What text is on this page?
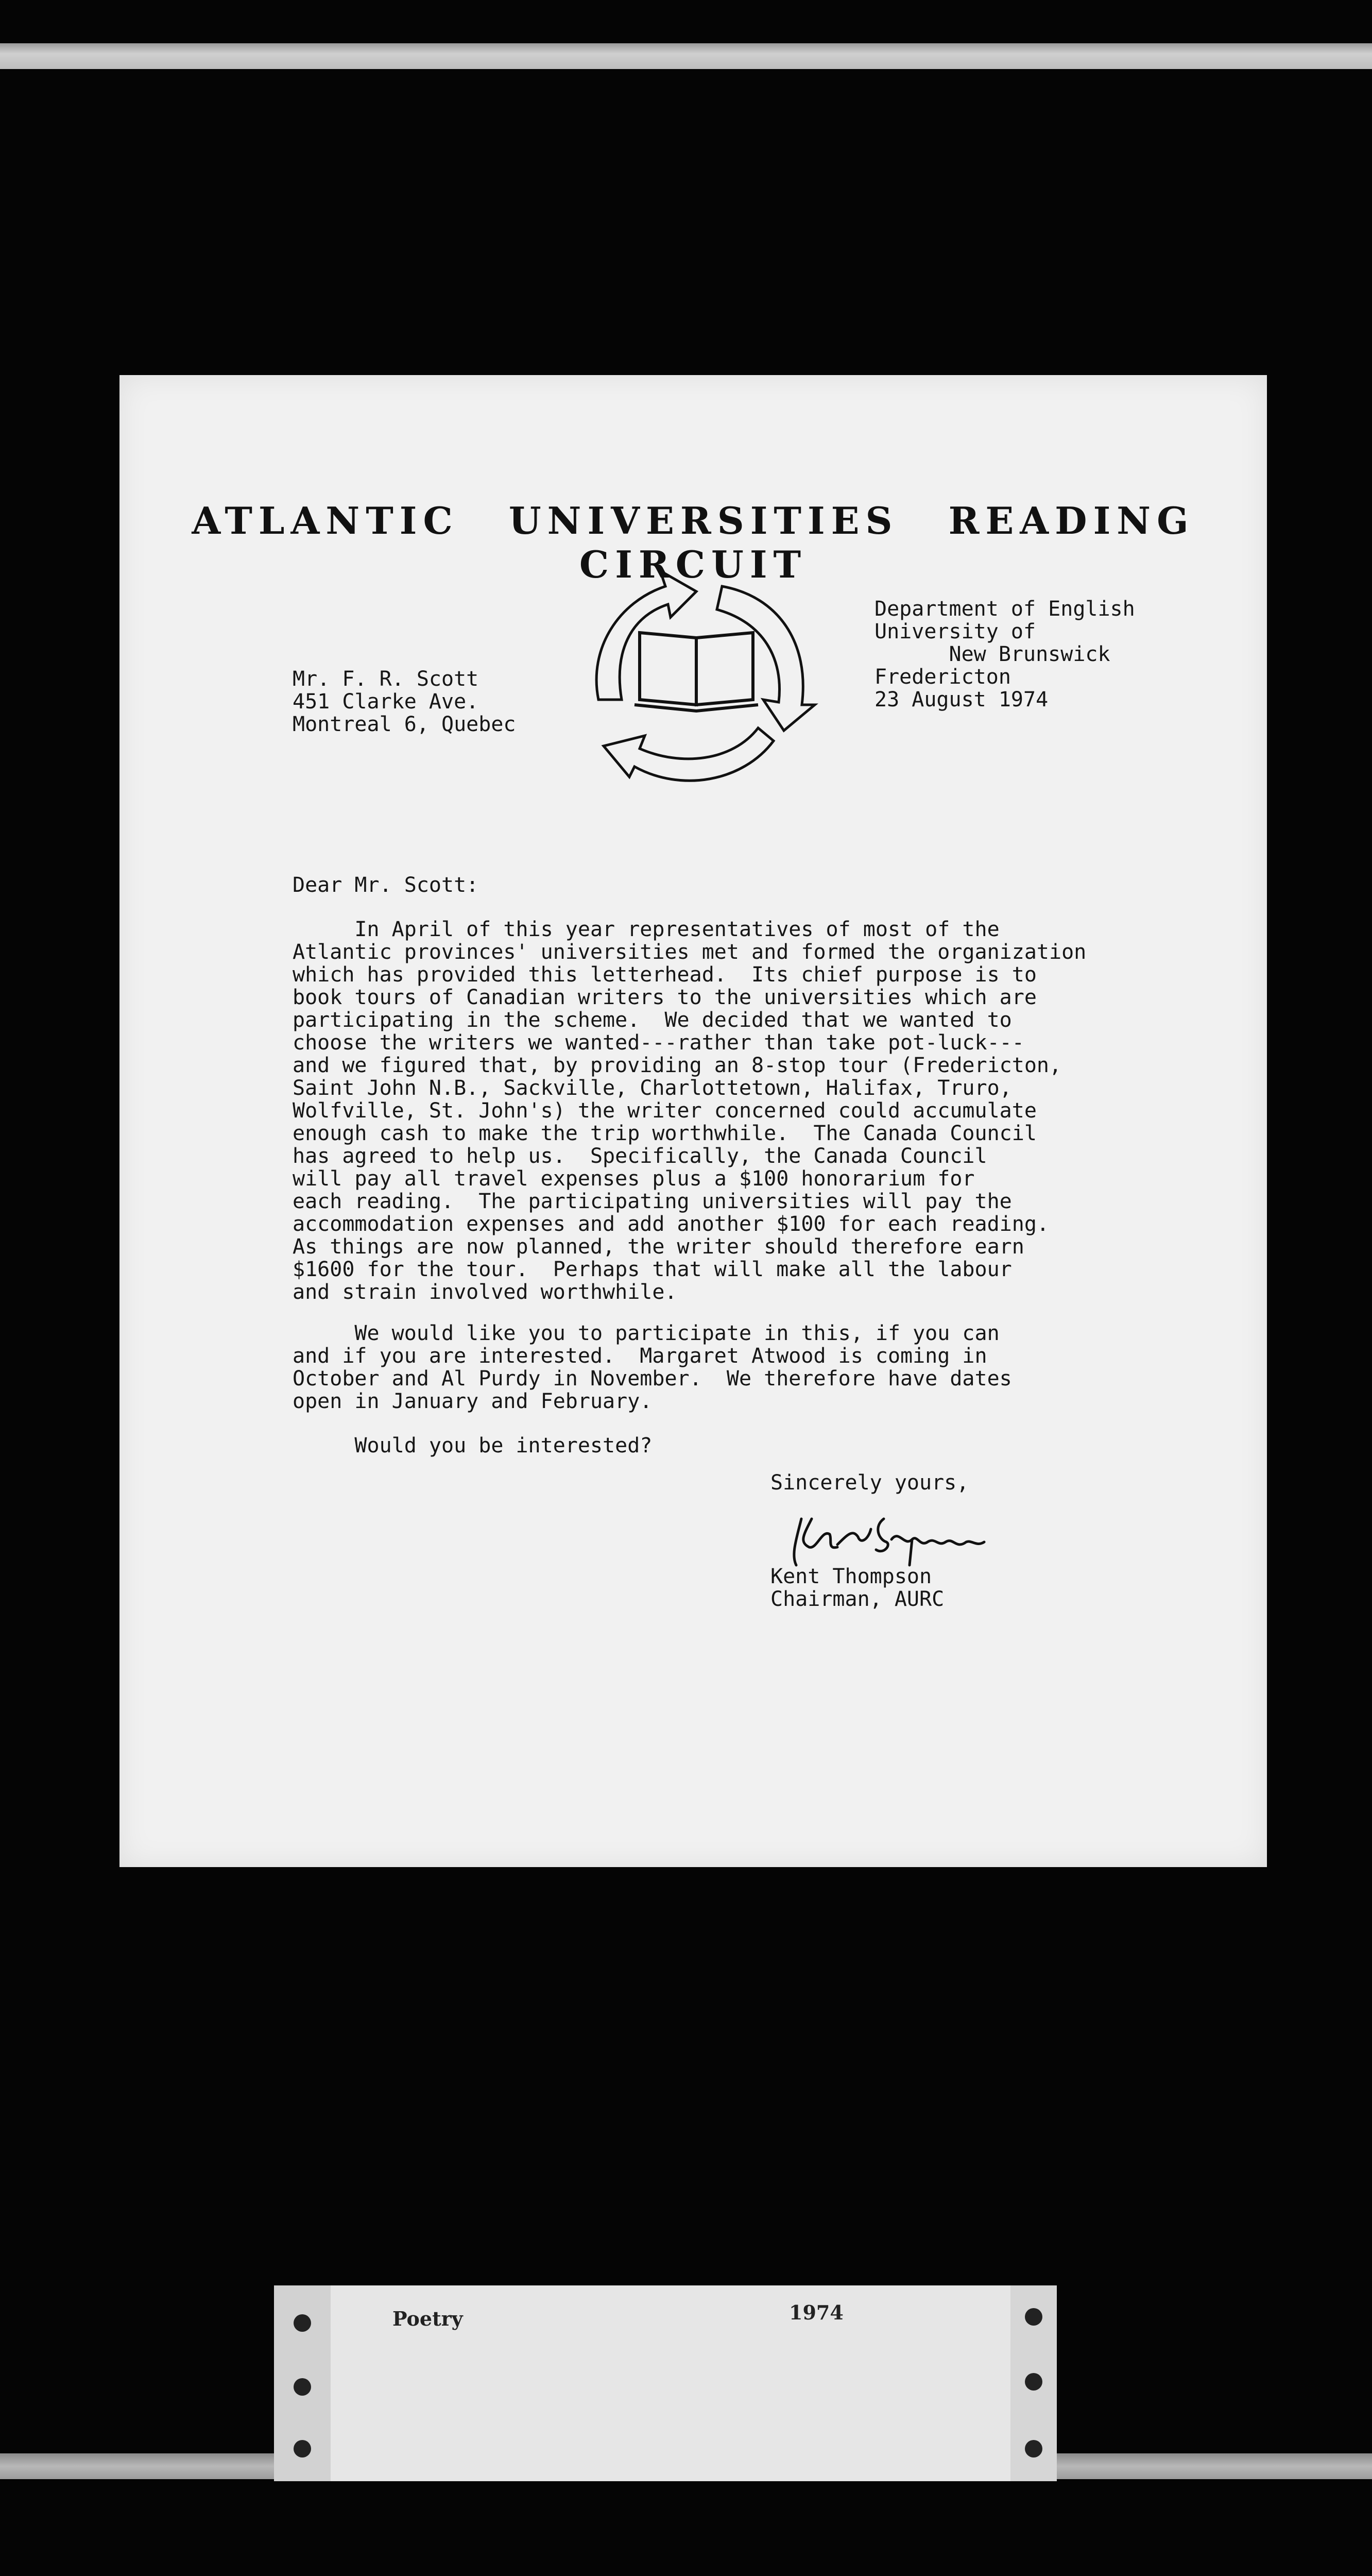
ATLANTIC UNIVERSITIES READING CIRCUIT
Mr. F. R. Scott
451 Clarke Ave.
Montreal 6, Quebec
Department of English
University of
New Brunswick
Fredericton
23 August 1974
Dear Mr. Scott:
In April of this year representatives of most of the
Atlantic provinces' universities met and formed the organization
which has provided this letterhead.  Its chief purpose is to
book tours of Canadian writers to the universities which are
participating in the scheme.  We decided that we wanted to
choose the writers we wanted---rather than take pot-luck---
and we figured that, by providing an 8-stop tour (Fredericton,
Saint John N.B., Sackville, Charlottetown, Halifax, Truro,
Wolfville, St. John's) the writer concerned could accumulate
enough cash to make the trip worthwhile.  The Canada Council
has agreed to help us.  Specifically, the Canada Council
will pay all travel expenses plus a $100 honorarium for
each reading.  The participating universities will pay the
accommodation expenses and add another $100 for each reading.
As things are now planned, the writer should therefore earn
$1600 for the tour.  Perhaps that will make all the labour
and strain involved worthwhile.
We would like you to participate in this, if you can
and if you are interested.  Margaret Atwood is coming in
October and Al Purdy in November.  We therefore have dates
open in January and February.
Would you be interested?
Sincerely yours,
Kent Thompson
Chairman, AURC
Poetry	1974
